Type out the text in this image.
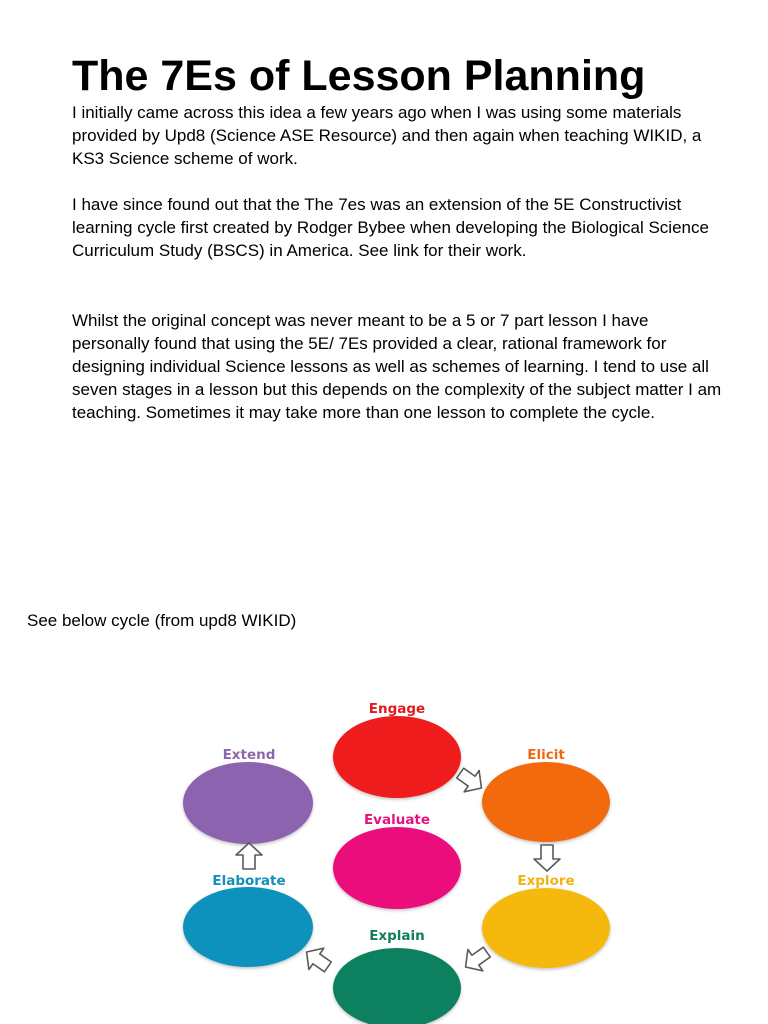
The 7Es of Lesson Planning

I initially came across this idea a few years ago when I was using some materials provided by Upd8 (Science ASE Resource) and then again when teaching WIKID, a KS3 Science scheme of work.

I have since found out that the The 7es was an extension of the 5E Constructivist learning cycle first created by Rodger Bybee when developing the Biological Science Curriculum Study (BSCS) in America. See link for their work.

Whilst the original concept was never meant to be a 5 or 7 part lesson I have personally found that using the 5E/ 7Es provided a clear, rational framework for designing individual Science lessons as well as schemes of learning. I tend to use all seven stages in a lesson but this depends on the complexity of the subject matter I am teaching. Sometimes it may take more than one lesson to complete the cycle.

See below cycle (from upd8 WIKID)

Engage
Elicit
Explore
Explain
Elaborate
Extend
Evaluate
